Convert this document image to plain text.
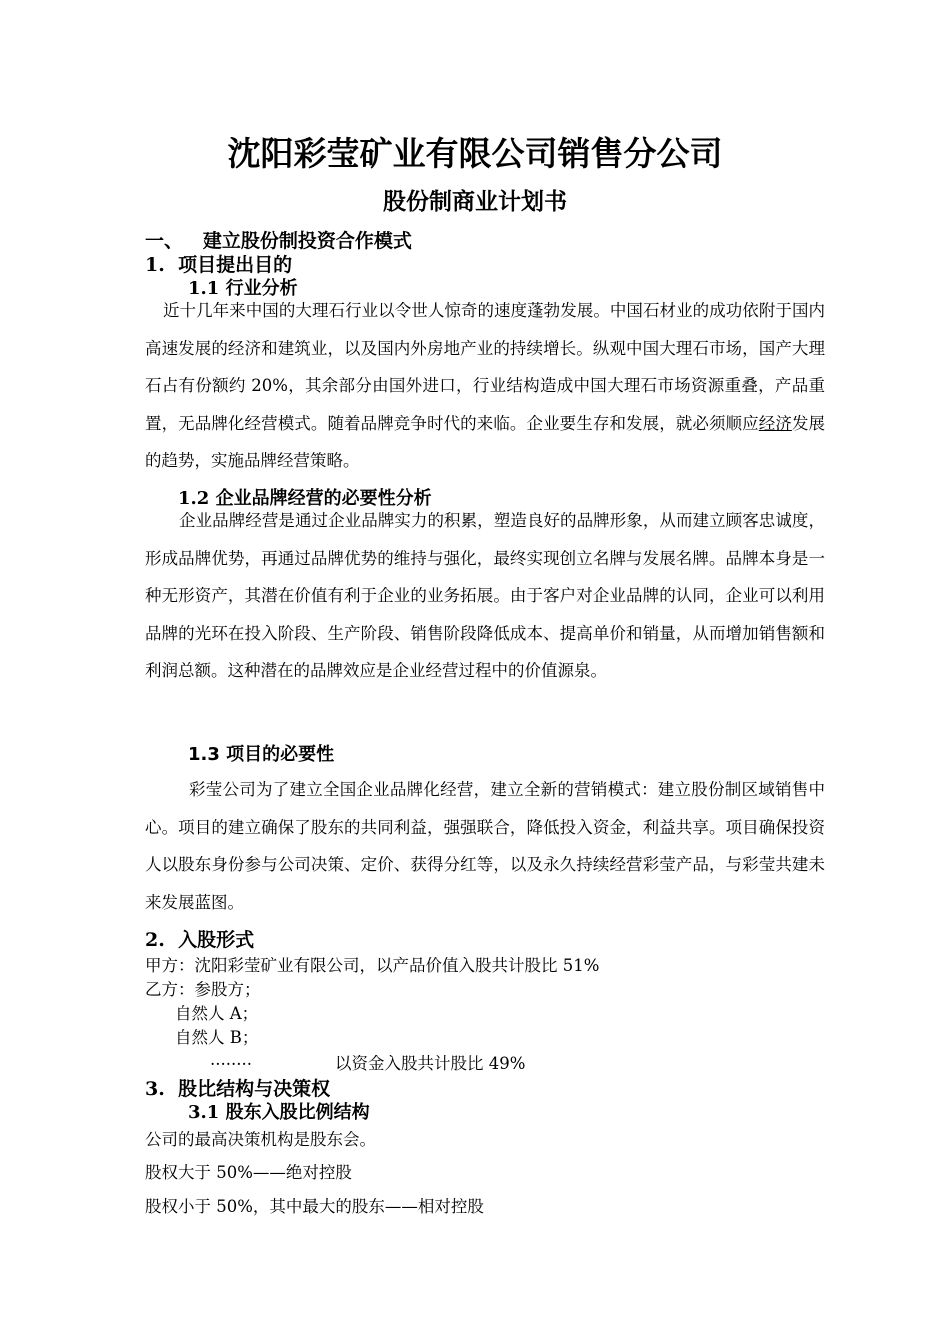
沈阳彩莹矿业有限公司销售分公司
股份制商业计划书
一、   建立股份制投资合作模式
1.  项目提出目的
1.1 行业分析
近十几年来中国的大理石行业以令世人惊奇的速度蓬勃发展。中国石材业的成功依附于国内高速发展的经济和建筑业，以及国内外房地产业的持续增长。纵观中国大理石市场，国产大理石占有份额约 20%，其余部分由国外进口，行业结构造成中国大理石市场资源重叠，产品重置，无品牌化经营模式。随着品牌竞争时代的来临。企业要生存和发展，就必须顺应经济发展的趋势，实施品牌经营策略。
1.2 企业品牌经营的必要性分析
企业品牌经营是通过企业品牌实力的积累，塑造良好的品牌形象，从而建立顾客忠诚度，形成品牌优势，再通过品牌优势的维持与强化，最终实现创立名牌与发展名牌。品牌本身是一种无形资产，其潜在价值有利于企业的业务拓展。由于客户对企业品牌的认同，企业可以利用品牌的光环在投入阶段、生产阶段、销售阶段降低成本、提高单价和销量，从而增加销售额和利润总额。这种潜在的品牌效应是企业经营过程中的价值源泉。
1.3 项目的必要性
彩莹公司为了建立全国企业品牌化经营，建立全新的营销模式：建立股份制区域销售中心。项目的建立确保了股东的共同利益，强强联合，降低投入资金，利益共享。项目确保投资人以股东身份参与公司决策、定价、获得分红等，以及永久持续经营彩莹产品，与彩莹共建未来发展蓝图。
2.  入股形式
甲方：沈阳彩莹矿业有限公司，以产品价值入股共计股比 51%
乙方：参股方；
自然人 A；
自然人 B；
........	以资金入股共计股比 49%
3.  股比结构与决策权
3.1 股东入股比例结构
公司的最高决策机构是股东会。
股权大于 50%——绝对控股
股权小于 50%，其中最大的股东——相对控股
